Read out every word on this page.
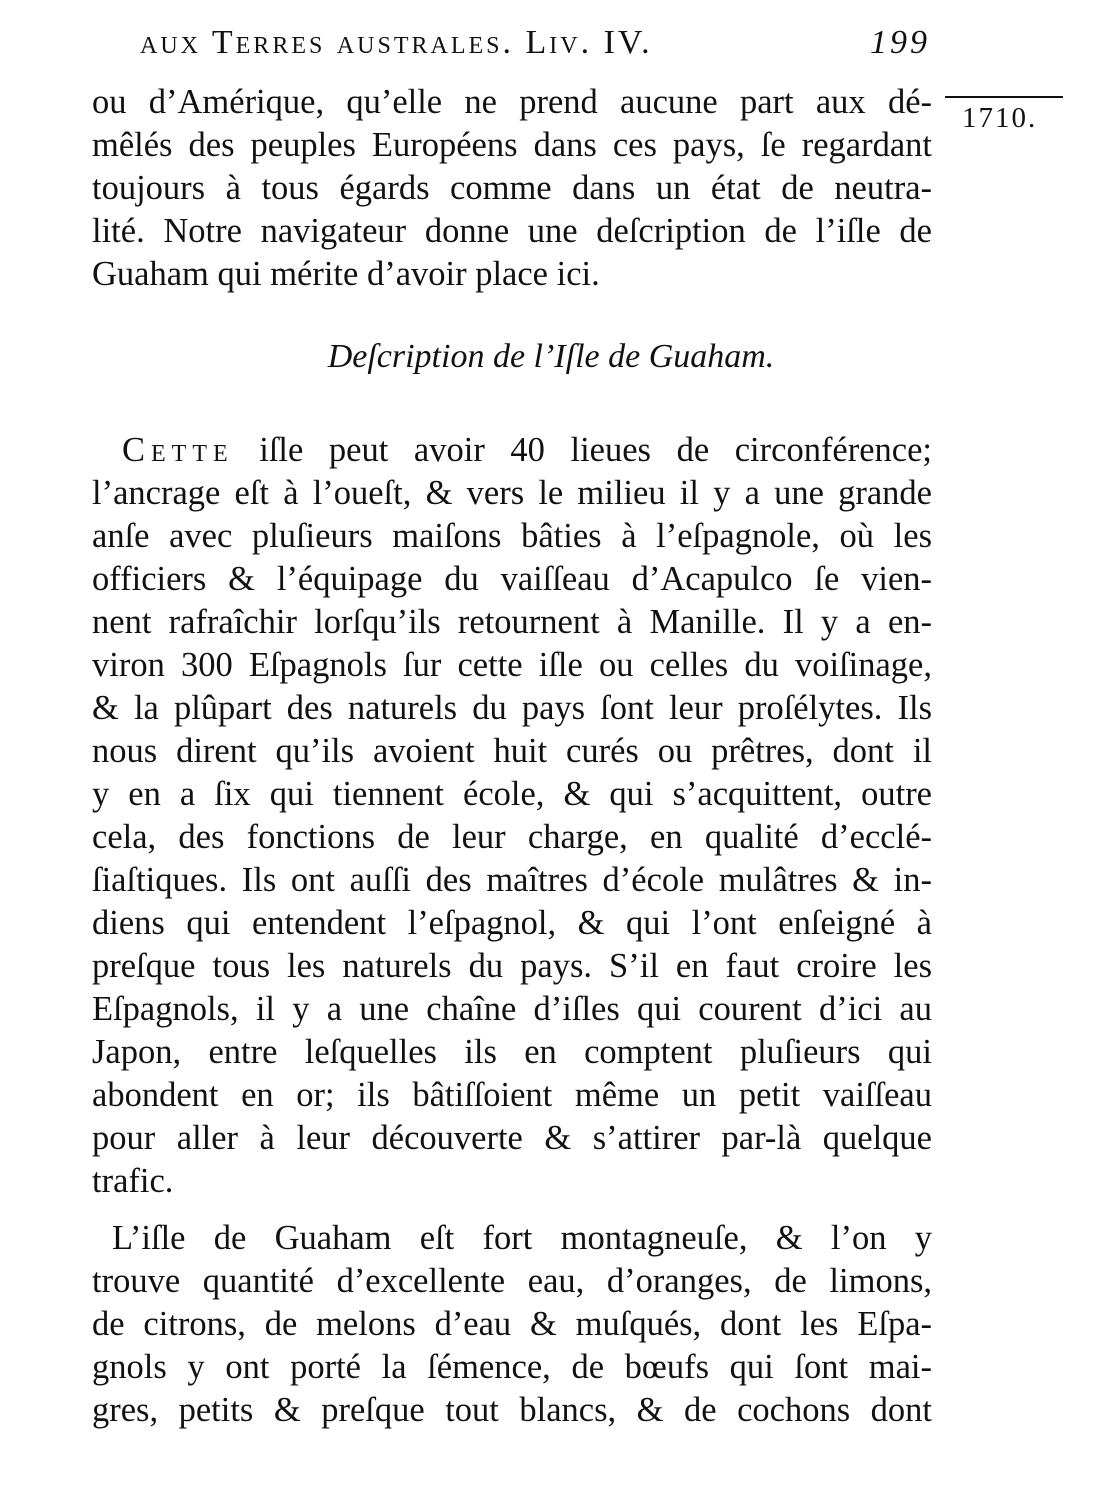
aux Terres australes. Liv. IV.	199
1710.
ou d’Amérique, qu’elle ne prend aucune part aux dé-
mêlés des peuples Européens dans ces pays, ſe regardant
toujours à tous égards comme dans un état de neutra-
lité. Notre navigateur donne une deſcription de l’iſle de
Guaham qui mérite d’avoir place ici.
Deſcription de l’Iſle de Guaham.
Cette iſle peut avoir 40 lieues de circonférence;
l’ancrage eſt à l’oueſt, & vers le milieu il y a une grande
anſe avec pluſieurs maiſons bâties à l’eſpagnole, où les
officiers & l’équipage du vaiſſeau d’Acapulco ſe vien-
nent rafraîchir lorſqu’ils retournent à Manille. Il y a en-
viron 300 Eſpagnols ſur cette iſle ou celles du voiſinage,
& la plûpart des naturels du pays ſont leur proſélytes. Ils
nous dirent qu’ils avoient huit curés ou prêtres, dont il
y en a ſix qui tiennent école, & qui s’acquittent, outre
cela, des fonctions de leur charge, en qualité d’ecclé-
ſiaſtiques. Ils ont auſſi des maîtres d’école mulâtres & in-
diens qui entendent l’eſpagnol, & qui l’ont enſeigné à
preſque tous les naturels du pays. S’il en faut croire les
Eſpagnols, il y a une chaîne d’iſles qui courent d’ici au
Japon, entre leſquelles ils en comptent pluſieurs qui
abondent en or; ils bâtiſſoient même un petit vaiſſeau
pour aller à leur découverte & s’attirer par-là quelque
trafic.
L’iſle de Guaham eſt fort montagneuſe, & l’on y
trouve quantité d’excellente eau, d’oranges, de limons,
de citrons, de melons d’eau & muſqués, dont les Eſpa-
gnols y ont porté la ſémence, de bœufs qui ſont mai-
gres, petits & preſque tout blancs, & de cochons dont
